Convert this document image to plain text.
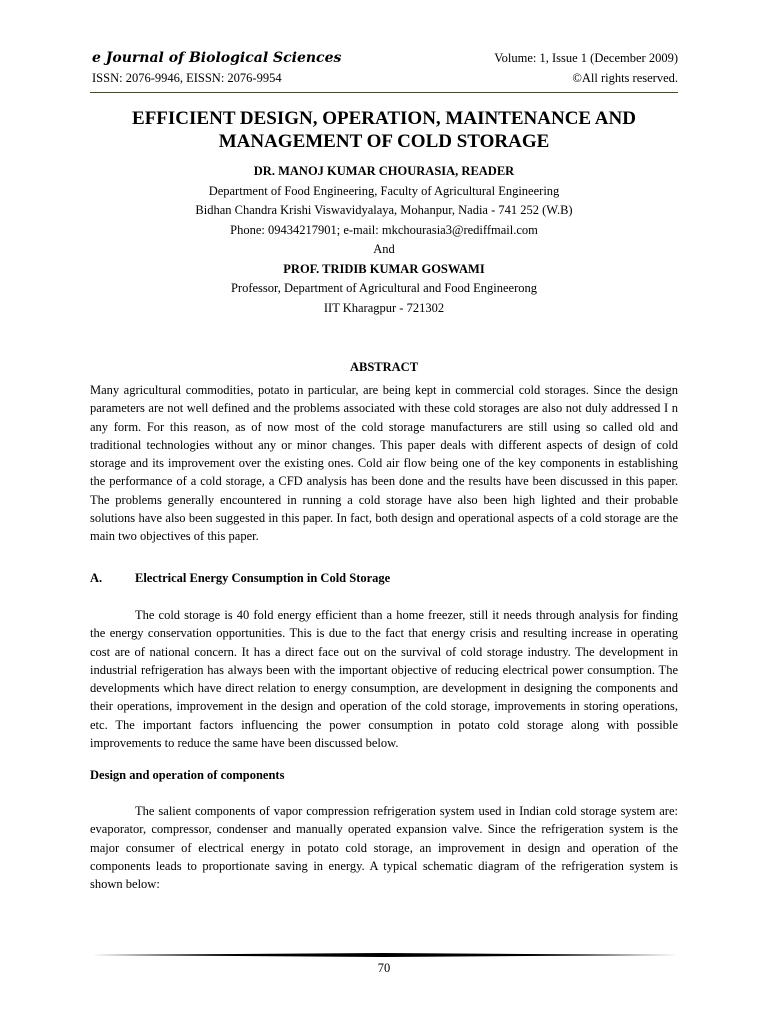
e Journal of Biological Sciences
ISSN: 2076-9946, EISSN: 2076-9954
Volume: 1, Issue 1 (December 2009)
©All rights reserved.
EFFICIENT DESIGN, OPERATION, MAINTENANCE AND
MANAGEMENT OF COLD STORAGE
DR. MANOJ KUMAR CHOURASIA, READER
Department of Food Engineering, Faculty of Agricultural Engineering
Bidhan Chandra Krishi Viswavidyalaya, Mohanpur, Nadia - 741 252 (W.B)
Phone: 09434217901; e-mail: mkchourasia3@rediffmail.com
And
PROF. TRIDIB KUMAR GOSWAMI
Professor, Department of Agricultural and Food Engineerong
IIT Kharagpur - 721302
ABSTRACT

Many agricultural commodities, potato in particular, are being kept in commercial cold storages. Since the design parameters are not well defined and the problems associated with these cold storages are also not duly addressed I n any form. For this reason, as of now most of the cold storage manufacturers are still using so called old and traditional technologies without any or minor changes. This paper deals with different aspects of design of cold storage and its improvement over the existing ones. Cold air flow being one of the key components in establishing the performance of a cold storage, a CFD analysis has been done and the results have been discussed in this paper. The problems generally encountered in running a cold storage have also been high lighted and their probable solutions have also been suggested in this paper. In fact, both design and operational aspects of a cold storage are the main two objectives of this paper.

A.	Electrical Energy Consumption in Cold Storage

The cold storage is 40 fold energy efficient than a home freezer, still it needs through analysis for finding the energy conservation opportunities. This is due to the fact that energy crisis and resulting increase in operating cost are of national concern. It has a direct face out on the survival of cold storage industry. The development in industrial refrigeration has always been with the important objective of reducing electrical power consumption. The developments which have direct relation to energy consumption, are development in designing the components and their operations, improvement in the design and operation of the cold storage, improvements in storing operations, etc. The important factors influencing the power consumption in potato cold storage along with possible improvements to reduce the same have been discussed below.

Design and operation of components

The salient components of vapor compression refrigeration system used in Indian cold storage system are: evaporator, compressor, condenser and manually operated expansion valve. Since the refrigeration system is the major consumer of electrical energy in potato cold storage, an improvement in design and operation of the components leads to proportionate saving in energy. A typical schematic diagram of the refrigeration system is shown below:

70
